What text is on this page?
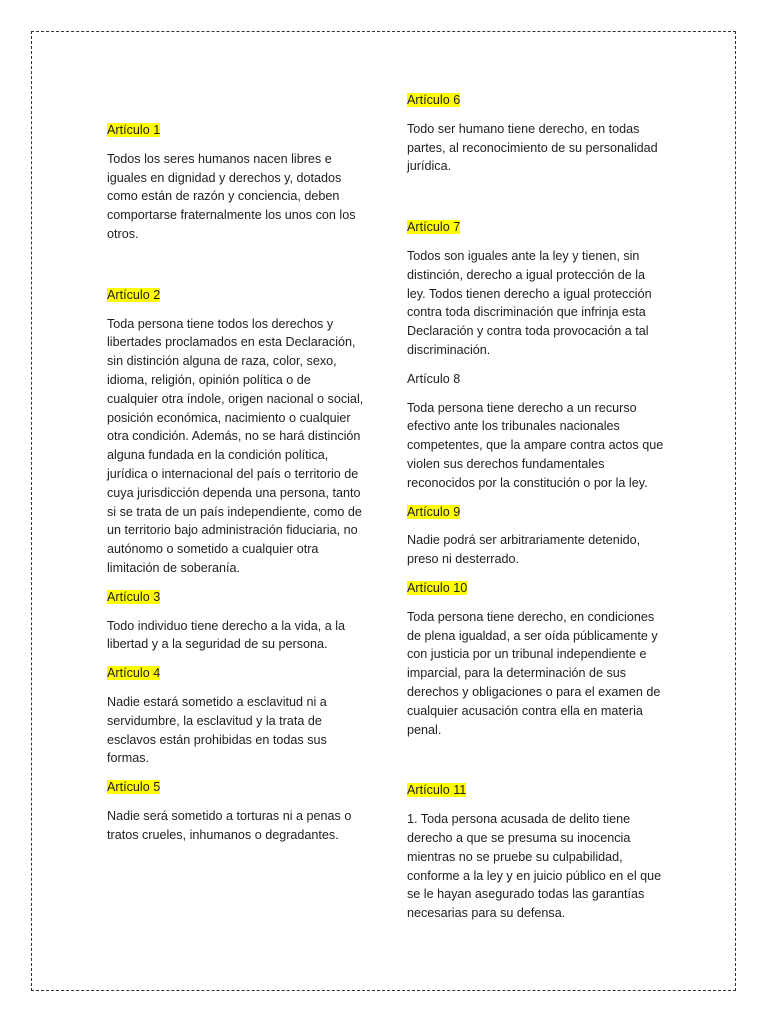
Artículo 1

Todos los seres humanos nacen libres e iguales en dignidad y derechos y, dotados como están de razón y conciencia, deben comportarse fraternalmente los unos con los otros.

Artículo 2

Toda persona tiene todos los derechos y libertades proclamados en esta Declaración, sin distinción alguna de raza, color, sexo, idioma, religión, opinión política o de cualquier otra índole, origen nacional o social, posición económica, nacimiento o cualquier otra condición. Además, no se hará distinción alguna fundada en la condición política, jurídica o internacional del país o territorio de cuya jurisdicción dependa una persona, tanto si se trata de un país independiente, como de un territorio bajo administración fiduciaria, no autónomo o sometido a cualquier otra limitación de soberanía.

Artículo 3

Todo individuo tiene derecho a la vida, a la libertad y a la seguridad de su persona.

Artículo 4

Nadie estará sometido a esclavitud ni a servidumbre, la esclavitud y la trata de esclavos están prohibidas en todas sus formas.

Artículo 5

Nadie será sometido a torturas ni a penas o tratos crueles, inhumanos o degradantes.

Artículo 6

Todo ser humano tiene derecho, en todas partes, al reconocimiento de su personalidad jurídica.

Artículo 7

Todos son iguales ante la ley y tienen, sin distinción, derecho a igual protección de la ley. Todos tienen derecho a igual protección contra toda discriminación que infrinja esta Declaración y contra toda provocación a tal discriminación.

Artículo 8

Toda persona tiene derecho a un recurso efectivo ante los tribunales nacionales competentes, que la ampare contra actos que violen sus derechos fundamentales reconocidos por la constitución o por la ley.

Artículo 9

Nadie podrá ser arbitrariamente detenido, preso ni desterrado.

Artículo 10

Toda persona tiene derecho, en condiciones de plena igualdad, a ser oída públicamente y con justicia por un tribunal independiente e imparcial, para la determinación de sus derechos y obligaciones o para el examen de cualquier acusación contra ella en materia penal.

Artículo 11

1. Toda persona acusada de delito tiene derecho a que se presuma su inocencia mientras no se pruebe su culpabilidad, conforme a la ley y en juicio público en el que se le hayan asegurado todas las garantías necesarias para su defensa.
